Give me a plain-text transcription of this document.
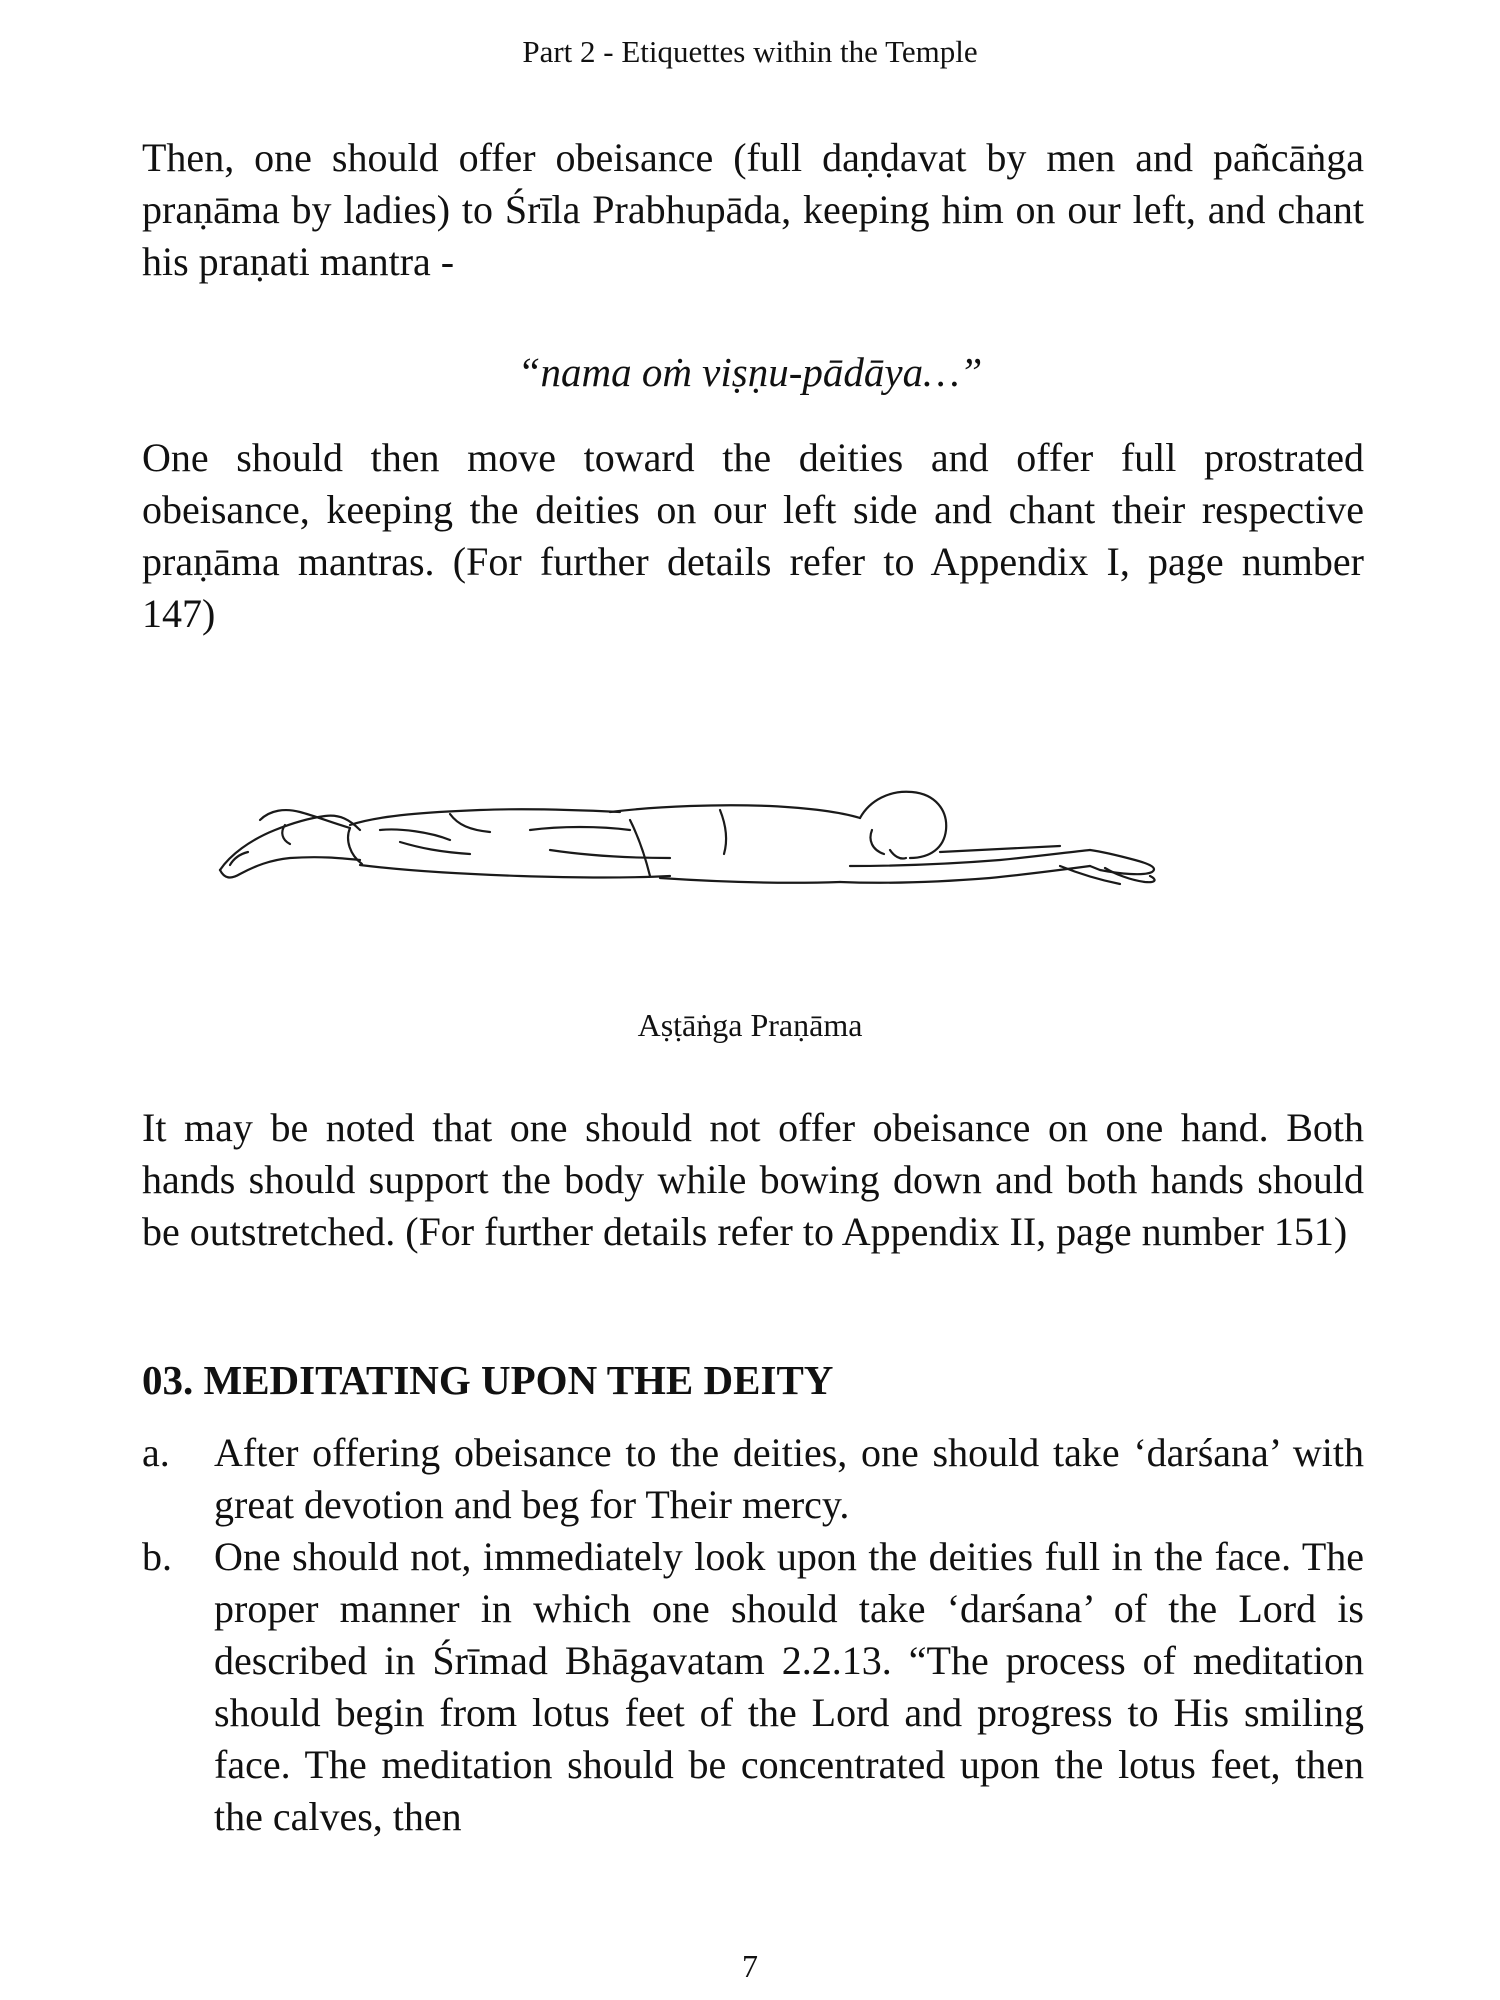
Part 2 - Etiquettes within the Temple

Then, one should offer obeisance (full daṇḍavat by men and pañcāṅga praṇāma by ladies) to Śrīla Prabhupāda, keeping him on our left, and chant his praṇati mantra -

“nama oṁ viṣṇu-pādāya…”

One should then move toward the deities and offer full prostrated obeisance, keeping the deities on our left side and chant their respective praṇāma mantras. (For further details refer to Appendix I, page number 147)

Aṣṭāṅga Praṇāma

It may be noted that one should not offer obeisance on one hand. Both hands should support the body while bowing down and both hands should be outstretched. (For further details refer to Appendix II, page number 151)

03. MEDITATING UPON THE DEITY
a. After offering obeisance to the deities, one should take ‘darśana’ with great devotion and beg for Their mercy.
b. One should not, immediately look upon the deities full in the face. The proper manner in which one should take ‘darśana’ of the Lord is described in Śrīmad Bhāgavatam 2.2.13. “The process of meditation should begin from lotus feet of the Lord and progress to His smiling face. The meditation should be concentrated upon the lotus feet, then the calves, then

7
